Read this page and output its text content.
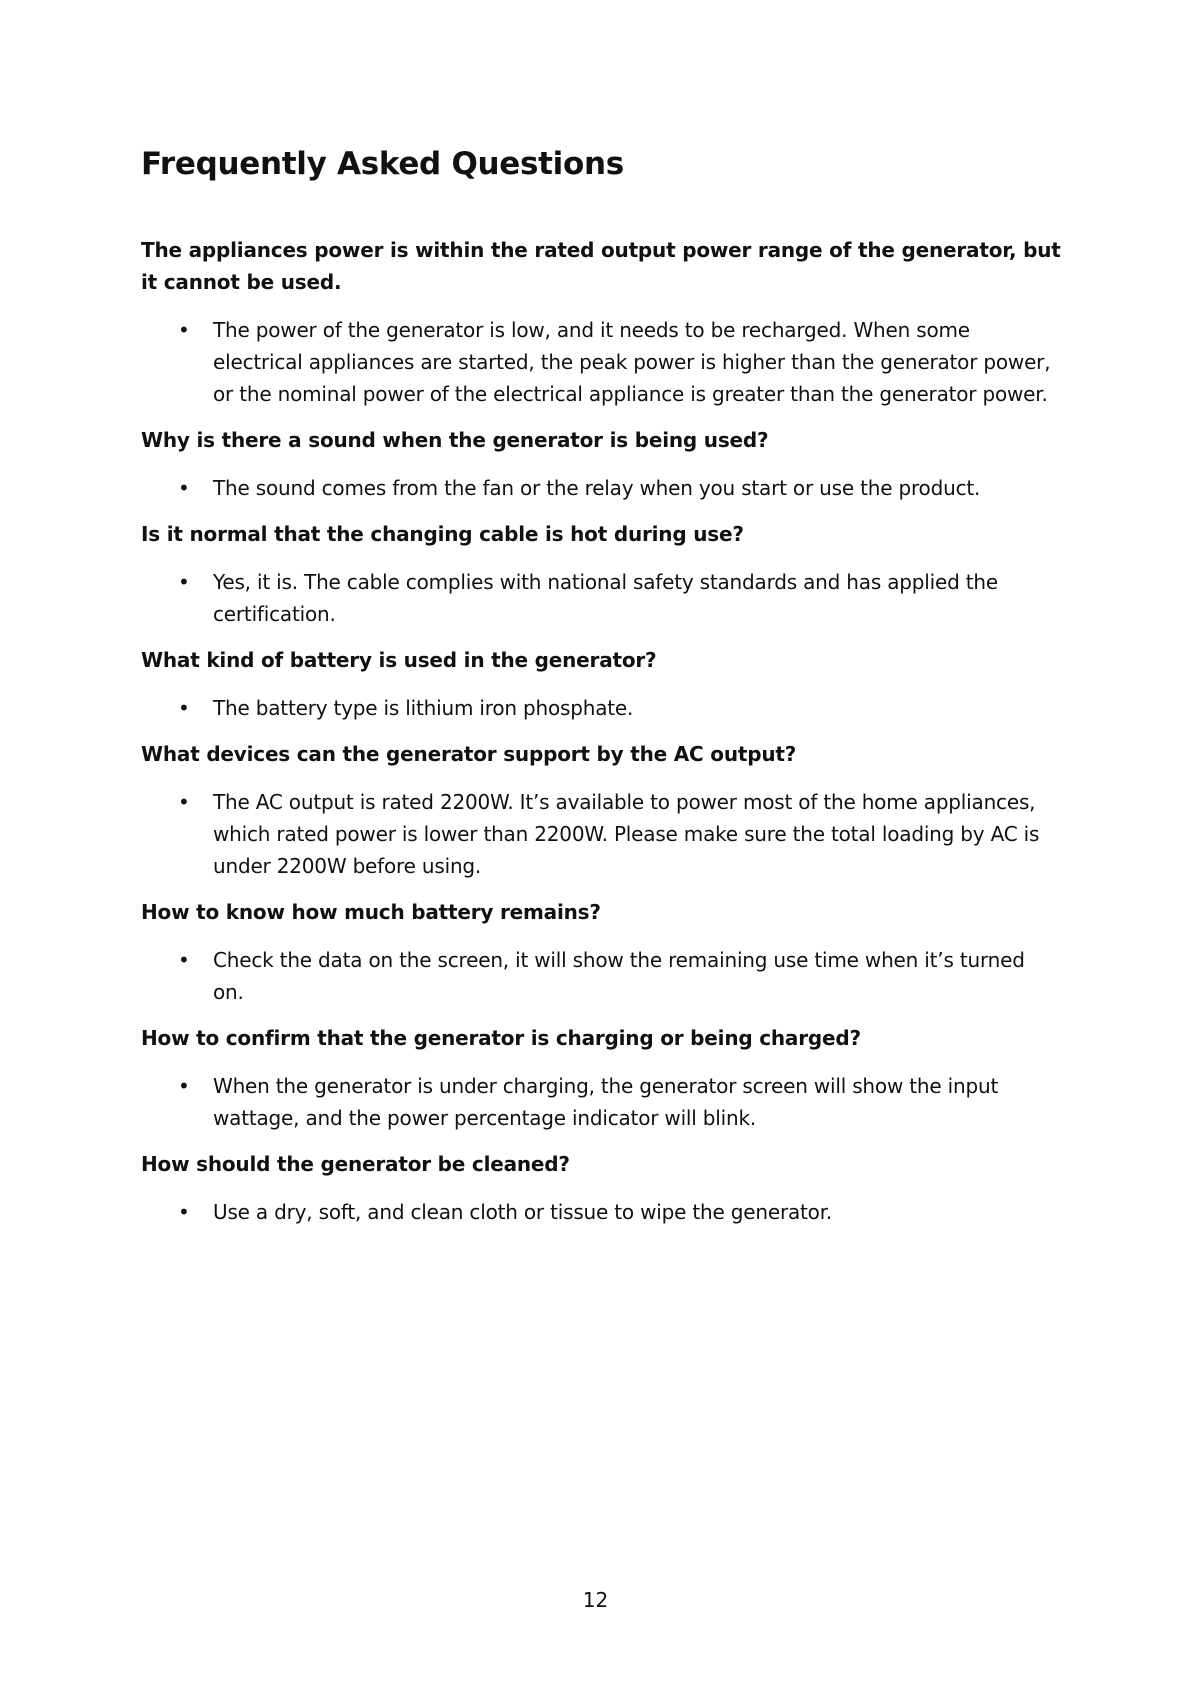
Frequently Asked Questions

The appliances power is within the rated output power range of the generator, but it cannot be used.

• The power of the generator is low, and it needs to be recharged. When some electrical appliances are started, the peak power is higher than the generator power, or the nominal power of the electrical appliance is greater than the generator power.

Why is there a sound when the generator is being used?

• The sound comes from the fan or the relay when you start or use the product.

Is it normal that the changing cable is hot during use?

• Yes, it is. The cable complies with national safety standards and has applied the certification.

What kind of battery is used in the generator?

• The battery type is lithium iron phosphate.

What devices can the generator support by the AC output?

• The AC output is rated 2200W. It’s available to power most of the home appliances, which rated power is lower than 2200W. Please make sure the total loading by AC is under 2200W before using.

How to know how much battery remains?

• Check the data on the screen, it will show the remaining use time when it’s turned on.

How to confirm that the generator is charging or being charged?

• When the generator is under charging, the generator screen will show the input wattage, and the power percentage indicator will blink.

How should the generator be cleaned?

• Use a dry, soft, and clean cloth or tissue to wipe the generator.
12
